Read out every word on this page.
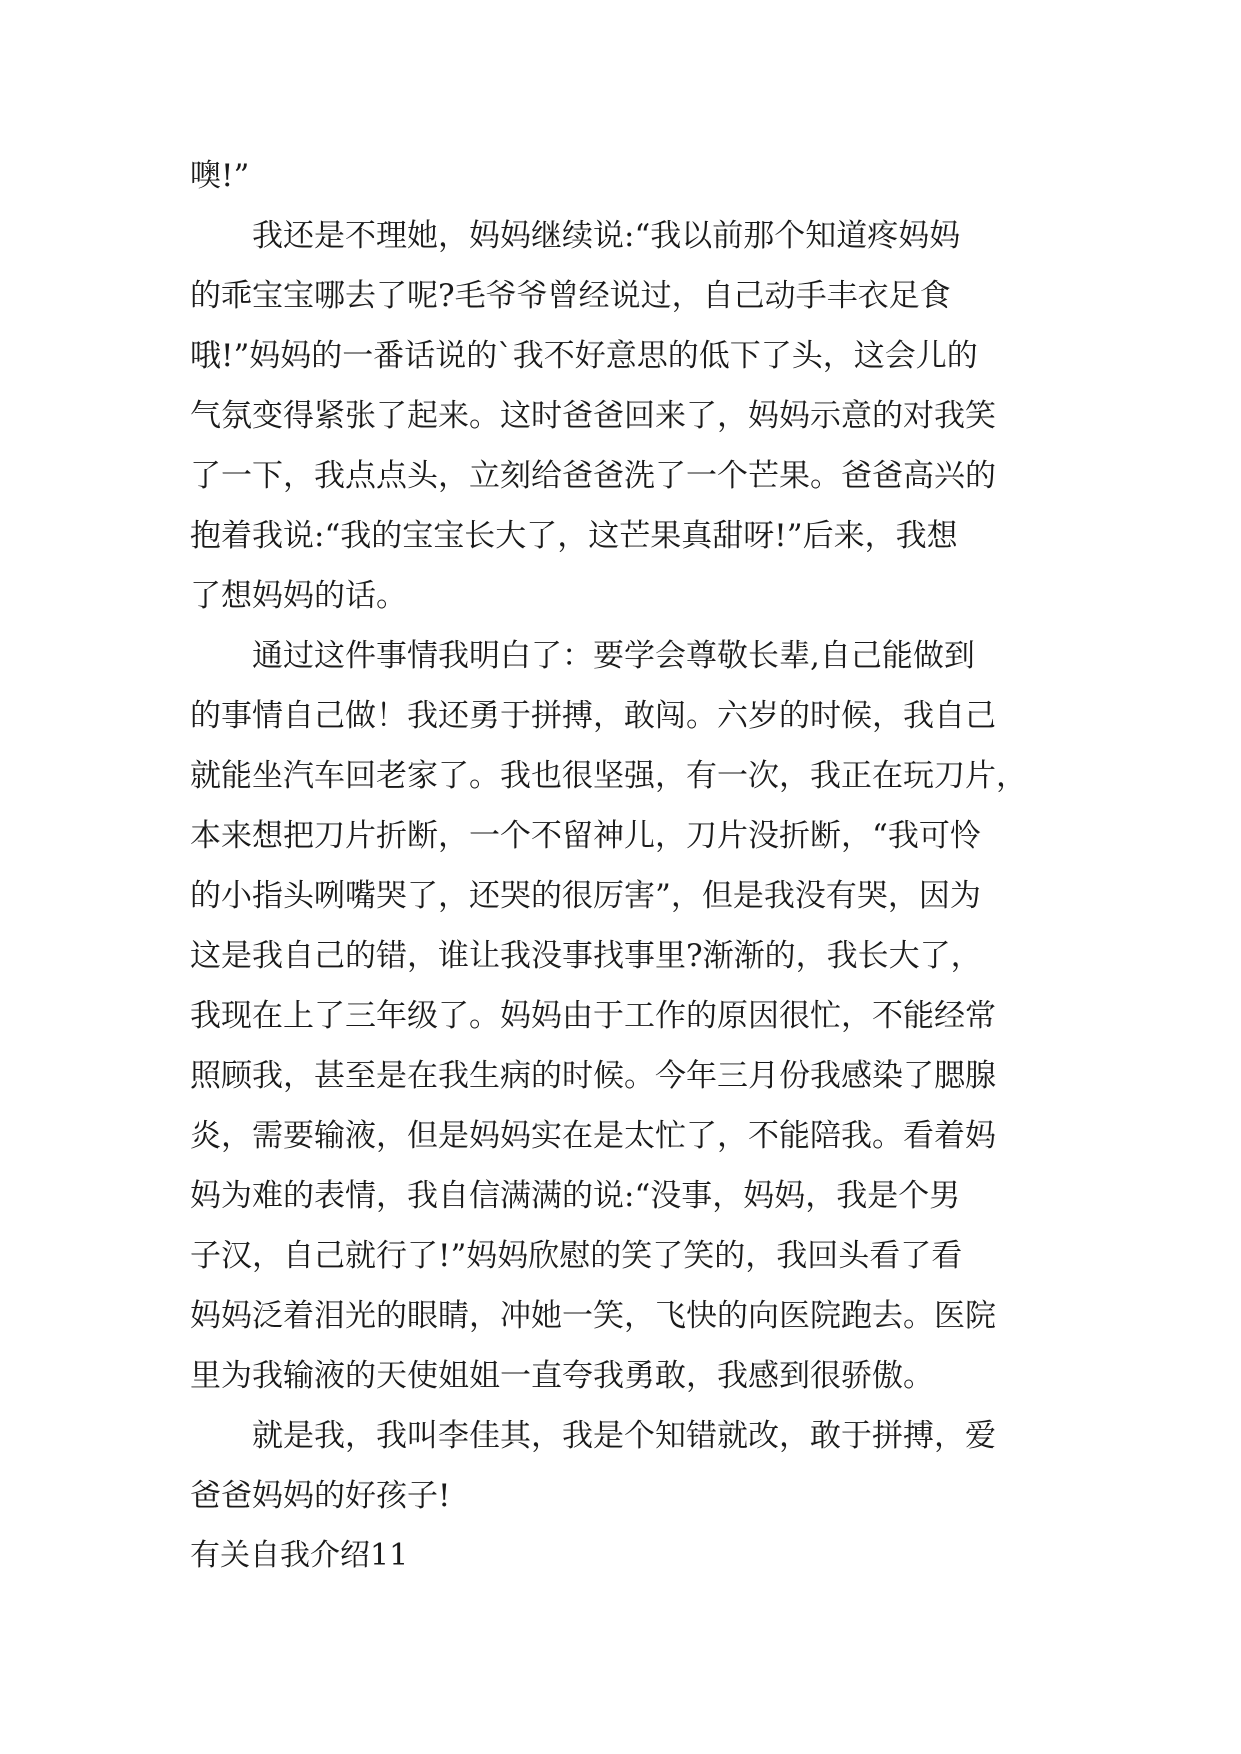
噢!”
我还是不理她，妈妈继续说:“我以前那个知道疼妈妈
的乖宝宝哪去了呢?毛爷爷曾经说过，自己动手丰衣足食
哦!”妈妈的一番话说的`我不好意思的低下了头，这会儿的
气氛变得紧张了起来。这时爸爸回来了，妈妈示意的对我笑
了一下，我点点头，立刻给爸爸洗了一个芒果。爸爸高兴的
抱着我说:“我的宝宝长大了，这芒果真甜呀!”后来，我想
了想妈妈的话。
通过这件事情我明白了：要学会尊敬长辈,自己能做到
的事情自己做！我还勇于拼搏，敢闯。六岁的时候，我自己
就能坐汽车回老家了。我也很坚强，有一次，我正在玩刀片，
本来想把刀片折断，一个不留神儿，刀片没折断，“我可怜
的小指头咧嘴哭了，还哭的很厉害”，但是我没有哭，因为
这是我自己的错，谁让我没事找事里?渐渐的，我长大了，
我现在上了三年级了。妈妈由于工作的原因很忙，不能经常
照顾我，甚至是在我生病的时候。今年三月份我感染了腮腺
炎，需要输液，但是妈妈实在是太忙了，不能陪我。看着妈
妈为难的表情，我自信满满的说:“没事，妈妈，我是个男
子汉，自己就行了!”妈妈欣慰的笑了笑的，我回头看了看
妈妈泛着泪光的眼睛，冲她一笑，飞快的向医院跑去。医院
里为我输液的天使姐姐一直夸我勇敢，我感到很骄傲。
就是我，我叫李佳其，我是个知错就改，敢于拼搏，爱
爸爸妈妈的好孩子!
有关自我介绍11
